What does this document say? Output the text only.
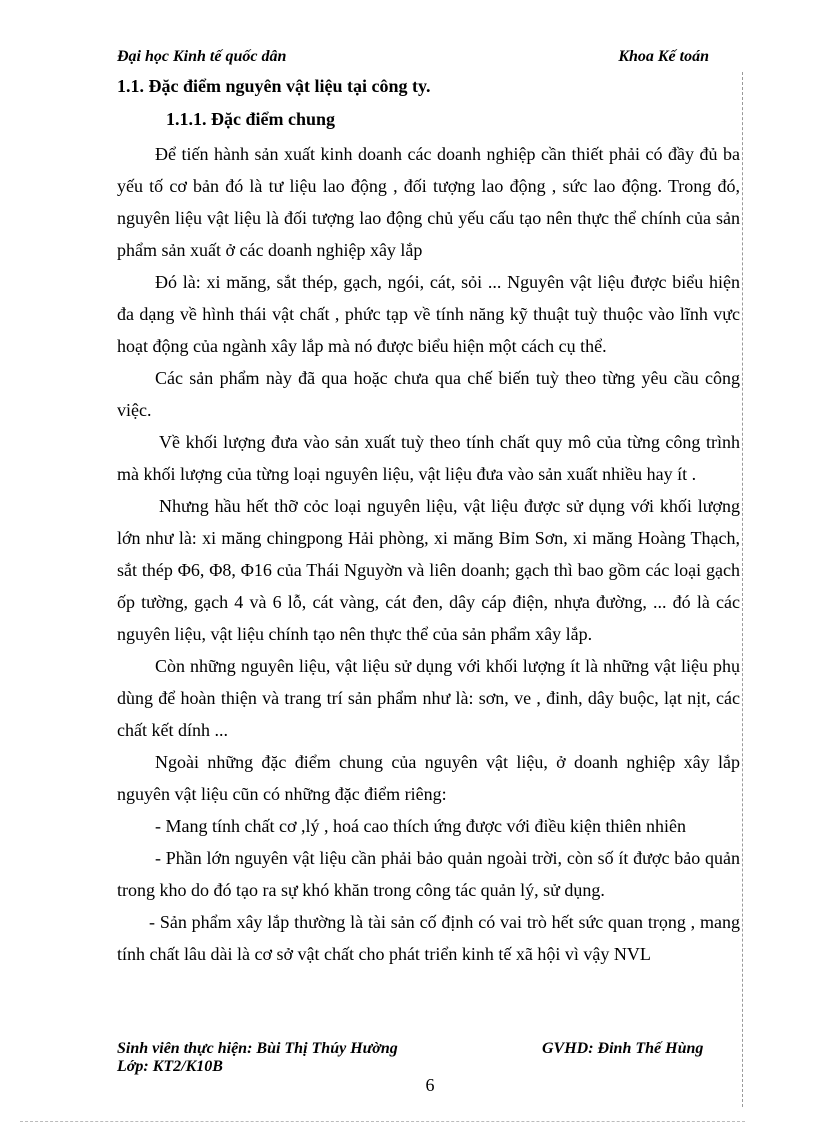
Đại học Kinh tế quốc dân	Khoa Kế toán
1.1. Đặc điểm nguyên vật liệu tại công ty.
1.1.1. Đặc điểm chung

Để tiến hành sản xuất kinh doanh các doanh nghiệp cần thiết phải có đầy đủ ba yếu tố cơ bản đó là tư liệu lao động , đối tượng lao động , sức lao động. Trong đó, nguyên liệu vật liệu là đối tượng lao động chủ yếu cấu tạo nên thực thể chính của sản phẩm sản xuất ở các doanh nghiệp xây lắp

Đó là: xi măng, sắt thép, gạch, ngói, cát, sỏi ... Nguyên vật liệu được biểu hiện đa dạng về hình thái vật chất , phức tạp về tính năng kỹ thuật tuỳ thuộc vào lĩnh vực hoạt động của ngành xây lắp mà nó được biểu hiện một cách cụ thể.

Các sản phẩm này đã qua hoặc chưa qua chế biến tuỳ theo từng yêu cầu công việc.

Về khối lượng đưa vào sản xuất tuỳ theo tính chất quy mô của từng công trình mà khối lượng của từng loại nguyên liệu, vật liệu đưa vào sản xuất nhiều hay ít .

Nhưng hầu hết thỡ cỏc loại nguyên liệu, vật liệu được sử dụng với khối lượng lớn như là: xi măng chingpong Hải phòng, xi măng Bỉm Sơn, xi măng Hoàng Thạch, sắt thép Φ6, Φ8, Φ16 của Thái Nguyờn và liên doanh; gạch thì bao gồm các loại gạch ốp tường, gạch 4 và 6 lỗ, cát vàng, cát đen, dây cáp điện, nhựa đường, ... đó là các nguyên liệu, vật liệu chính tạo nên thực thể của sản phẩm xây lắp.

Còn những nguyên liệu, vật liệu sử dụng với khối lượng ít là những vật liệu phụ dùng để hoàn thiện và trang trí sản phẩm như là: sơn, ve , đinh, dây buộc, lạt nịt, các chất kết dính ...

Ngoài những đặc điểm chung của nguyên vật liệu, ở doanh nghiệp xây lắp nguyên vật liệu cũn có những đặc điểm riêng:

- Mang tính chất cơ ,lý , hoá cao thích ứng được với điều kiện thiên nhiên

- Phần lớn nguyên vật liệu cần phải bảo quản ngoài trời, còn số ít được bảo quản trong kho do đó tạo ra sự khó khăn trong công tác quản lý, sử dụng.

- Sản phẩm xây lắp thường là tài sản cố định có vai trò hết sức quan trọng , mang tính chất lâu dài là cơ sở vật chất cho phát triển kinh tế xã hội vì vậy NVL

Sinh viên thực hiện: Bùi Thị Thúy Hường
Lớp: KT2/K10B
GVHD: Đinh Thế Hùng
6
